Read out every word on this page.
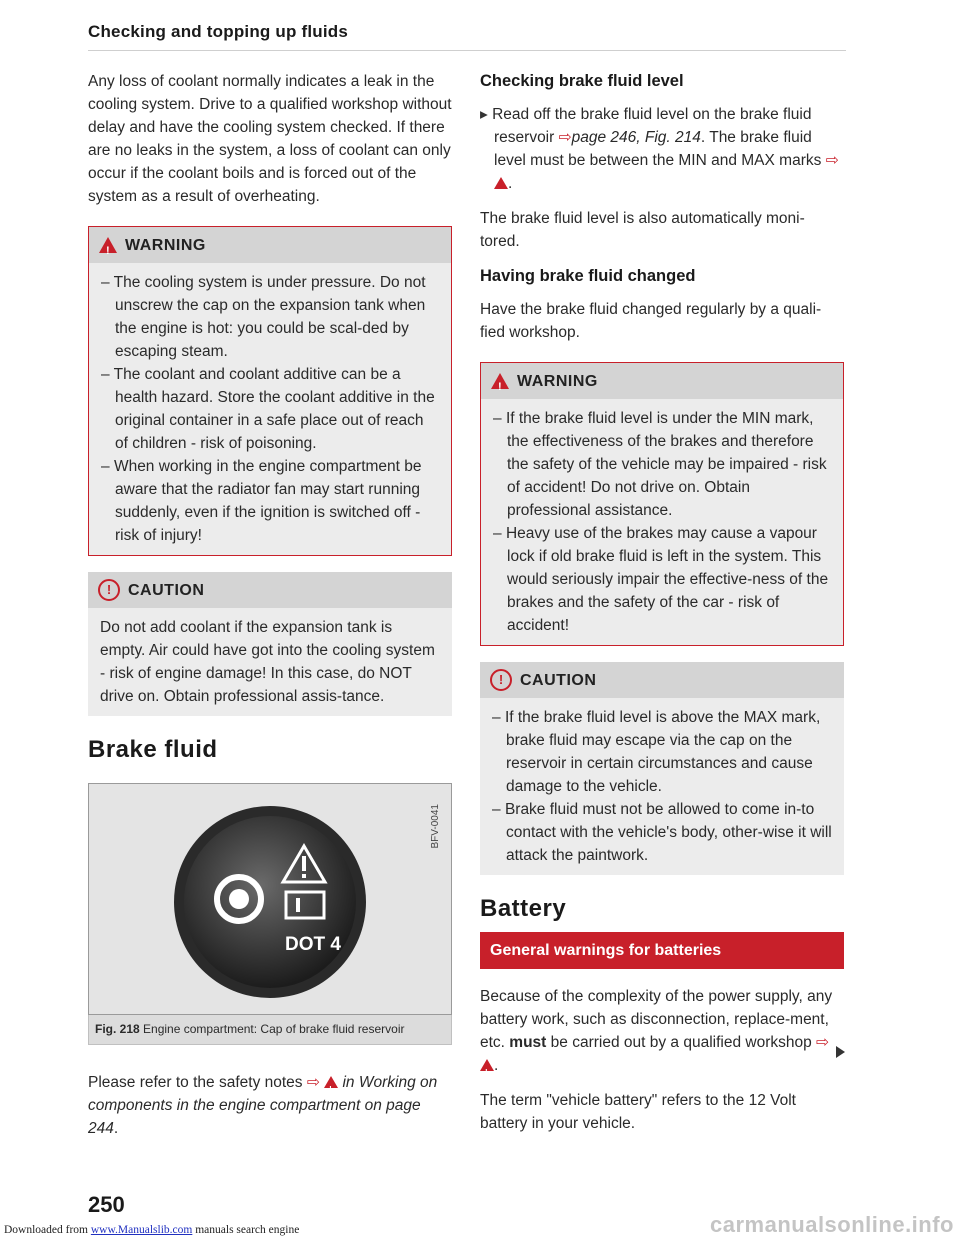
Checking and topping up fluids

Any loss of coolant normally indicates a leak in the cooling system. Drive to a qualified workshop without delay and have the cooling system checked. If there are no leaks in the system, a loss of coolant can only occur if the coolant boils and is forced out of the system as a result of overheating.

!
WARNING
– The cooling system is under pressure. Do not unscrew the cap on the expansion tank when the engine is hot: you could be scal-ded by escaping steam.
– The coolant and coolant additive can be a health hazard. Store the coolant additive in the original container in a safe place out of reach of children - risk of poisoning.
– When working in the engine compartment be aware that the radiator fan may start running suddenly, even if the ignition is switched off - risk of injury!
!	CAUTION
Do not add coolant if the expansion tank is empty. Air could have got into the cooling system - risk of engine damage! In this case, do NOT drive on. Obtain professional assis-tance.
Brake fluid
DOT 4
BFV-0041
Fig. 218 Engine compartment: Cap of brake fluid reservoir

Please refer to the safety notes ⇨ ! in Working on components in the engine compartment on page 244.

Checking brake fluid level

▸ Read off the brake fluid level on the brake fluid reservoir ⇨page 246, Fig. 214. The brake fluid level must be between the MIN and MAX marks ⇨ !.

The brake fluid level is also automatically moni-tored.

Having brake fluid changed

Have the brake fluid changed regularly by a quali-fied workshop.

!
WARNING
– If the brake fluid level is under the MIN mark, the effectiveness of the brakes and therefore the safety of the vehicle may be impaired - risk of accident! Do not drive on. Obtain professional assistance.
– Heavy use of the brakes may cause a vapour lock if old brake fluid is left in the system. This would seriously impair the effective-ness of the brakes and the safety of the car - risk of accident!
!	CAUTION
– If the brake fluid level is above the MAX mark, brake fluid may escape via the cap on the reservoir in certain circumstances and cause damage to the vehicle.
– Brake fluid must not be allowed to come in-to contact with the vehicle's body, other-wise it will attack the paintwork.
Battery
General warnings for batteries

Because of the complexity of the power supply, any battery work, such as disconnection, replace-ment, etc. must be carried out by a qualified workshop ⇨ !.

The term "vehicle battery" refers to the 12 Volt battery in your vehicle.

250
Downloaded from www.Manualslib.com manuals search engine	carmanualsonline.info
